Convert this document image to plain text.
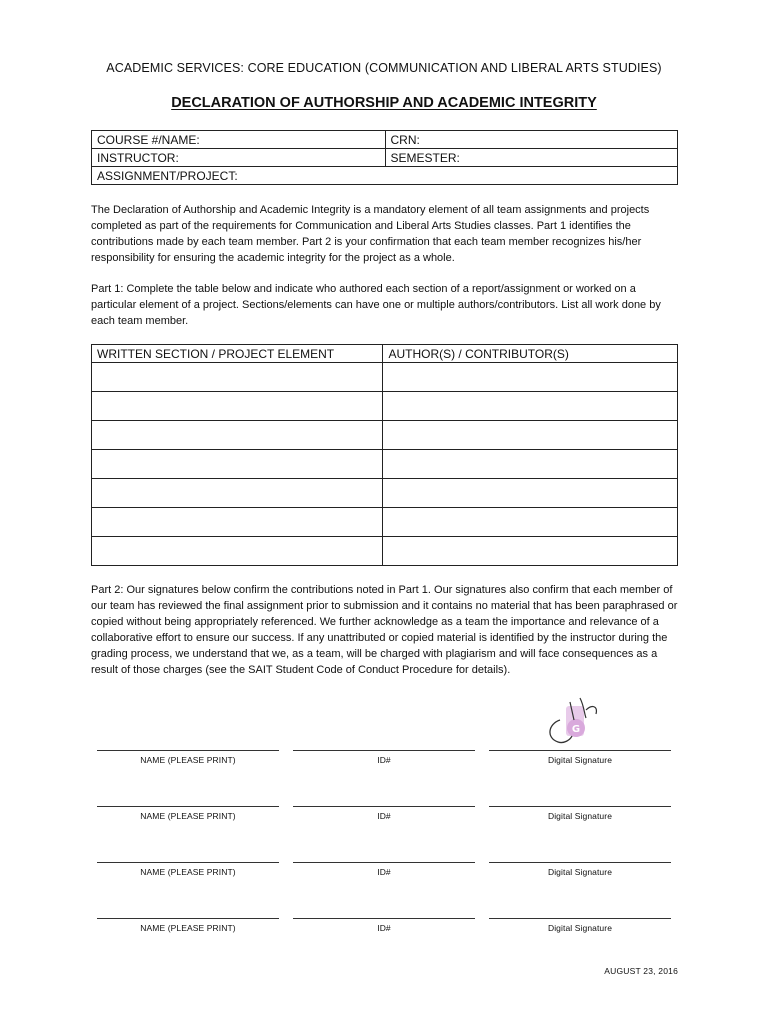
ACADEMIC SERVICES: CORE EDUCATION (COMMUNICATION AND LIBERAL ARTS STUDIES)
DECLARATION OF AUTHORSHIP AND ACADEMIC INTEGRITY
COURSE #/NAME:	CRN:
INSTRUCTOR:	SEMESTER:
ASSIGNMENT/PROJECT:	

The Declaration of Authorship and Academic Integrity is a mandatory element of all team assignments and projects completed as part of the requirements for Communication and Liberal Arts Studies classes. Part 1 identifies the contributions made by each team member. Part 2 is your confirmation that each team member recognizes his/her responsibility for ensuring the academic integrity for the project as a whole.

Part 1: Complete the table below and indicate who authored each section of a report/assignment or worked on a particular element of a project. Sections/elements can have one or multiple authors/contributors. List all work done by each team member.

WRITTEN SECTION / PROJECT ELEMENT	AUTHOR(S) / CONTRIBUTOR(S)

Part 2: Our signatures below confirm the contributions noted in Part 1. Our signatures also confirm that each member of our team has reviewed the final assignment prior to submission and it contains no material that has been paraphrased or copied without being appropriately referenced. We further acknowledge as a team the importance and relevance of a collaborative effort to ensure our success. If any unattributed or copied material is identified by the instructor during the grading process, we understand that we, as a team, will be charged with plagiarism and will face consequences as a result of those charges (see the SAIT Student Code of Conduct Procedure for details).

G
NAME (PLEASE PRINT)	ID#	Digital Signature
NAME (PLEASE PRINT)	ID#	Digital Signature
NAME (PLEASE PRINT)	ID#	Digital Signature
NAME (PLEASE PRINT)	ID#	Digital Signature
AUGUST 23, 2016
